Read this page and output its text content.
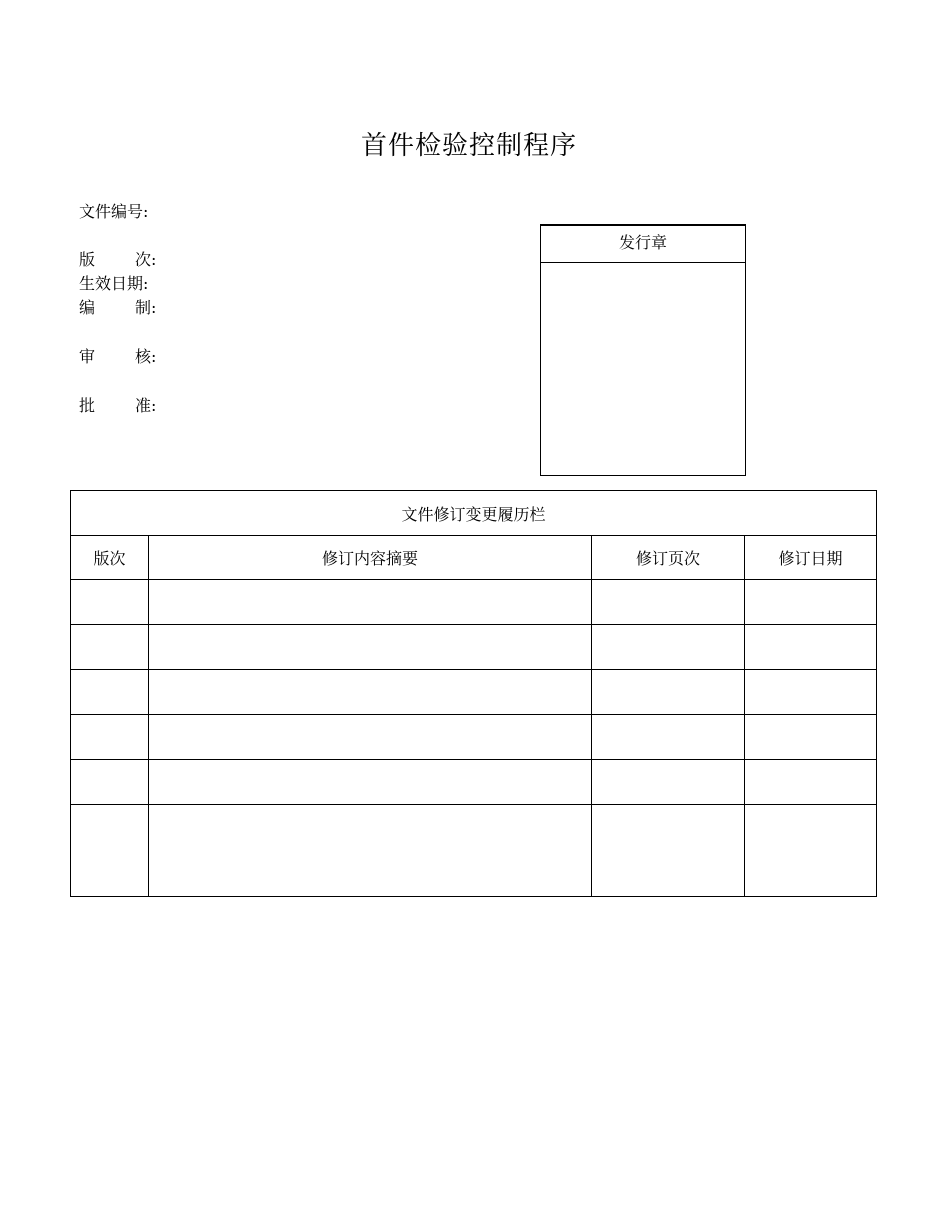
首件检验控制程序
文件编号:
版次:
生效日期:
编制:
审核:
批准:
发行章
文件修订变更履历栏			
版次	修订内容摘要	修订页次	修订日期
